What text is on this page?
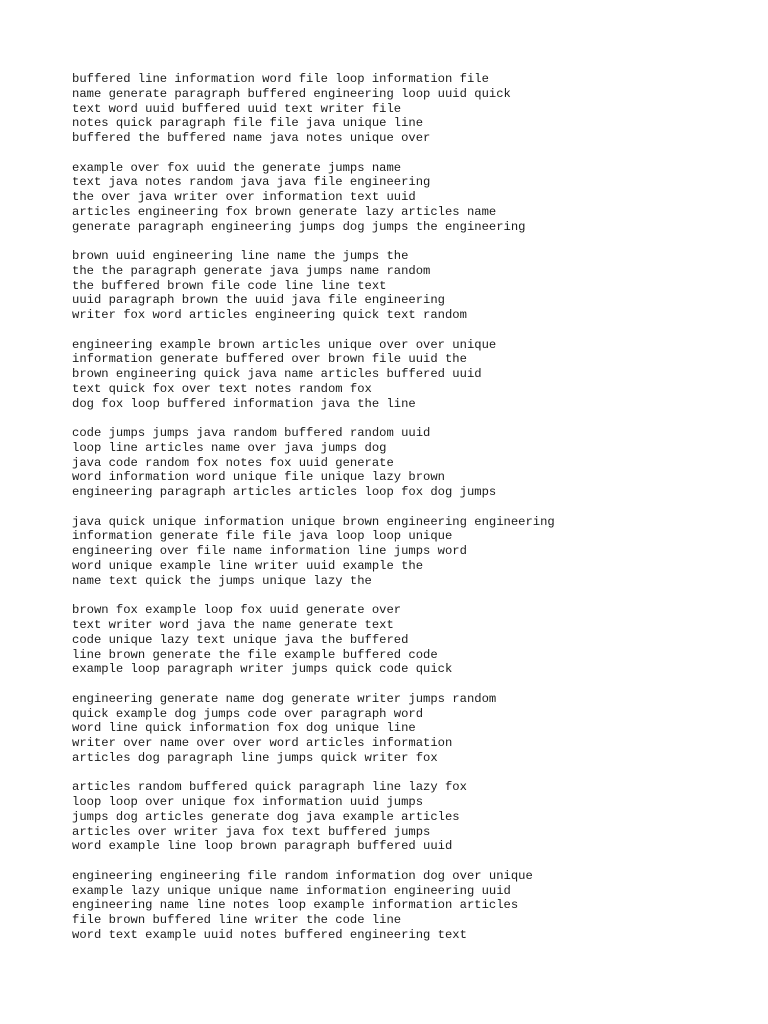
buffered line information word file loop information file
name generate paragraph buffered engineering loop uuid quick
text word uuid buffered uuid text writer file
notes quick paragraph file file java unique line
buffered the buffered name java notes unique over
example over fox uuid the generate jumps name
text java notes random java java file engineering
the over java writer over information text uuid
articles engineering fox brown generate lazy articles name
generate paragraph engineering jumps dog jumps the engineering
brown uuid engineering line name the jumps the
the the paragraph generate java jumps name random
the buffered brown file code line line text
uuid paragraph brown the uuid java file engineering
writer fox word articles engineering quick text random
engineering example brown articles unique over over unique
information generate buffered over brown file uuid the
brown engineering quick java name articles buffered uuid
text quick fox over text notes random fox
dog fox loop buffered information java the line
code jumps jumps java random buffered random uuid
loop line articles name over java jumps dog
java code random fox notes fox uuid generate
word information word unique file unique lazy brown
engineering paragraph articles articles loop fox dog jumps
java quick unique information unique brown engineering engineering
information generate file file java loop loop unique
engineering over file name information line jumps word
word unique example line writer uuid example the
name text quick the jumps unique lazy the
brown fox example loop fox uuid generate over
text writer word java the name generate text
code unique lazy text unique java the buffered
line brown generate the file example buffered code
example loop paragraph writer jumps quick code quick
engineering generate name dog generate writer jumps random
quick example dog jumps code over paragraph word
word line quick information fox dog unique line
writer over name over over word articles information
articles dog paragraph line jumps quick writer fox
articles random buffered quick paragraph line lazy fox
loop loop over unique fox information uuid jumps
jumps dog articles generate dog java example articles
articles over writer java fox text buffered jumps
word example line loop brown paragraph buffered uuid
engineering engineering file random information dog over unique
example lazy unique unique name information engineering uuid
engineering name line notes loop example information articles
file brown buffered line writer the code line
word text example uuid notes buffered engineering text
